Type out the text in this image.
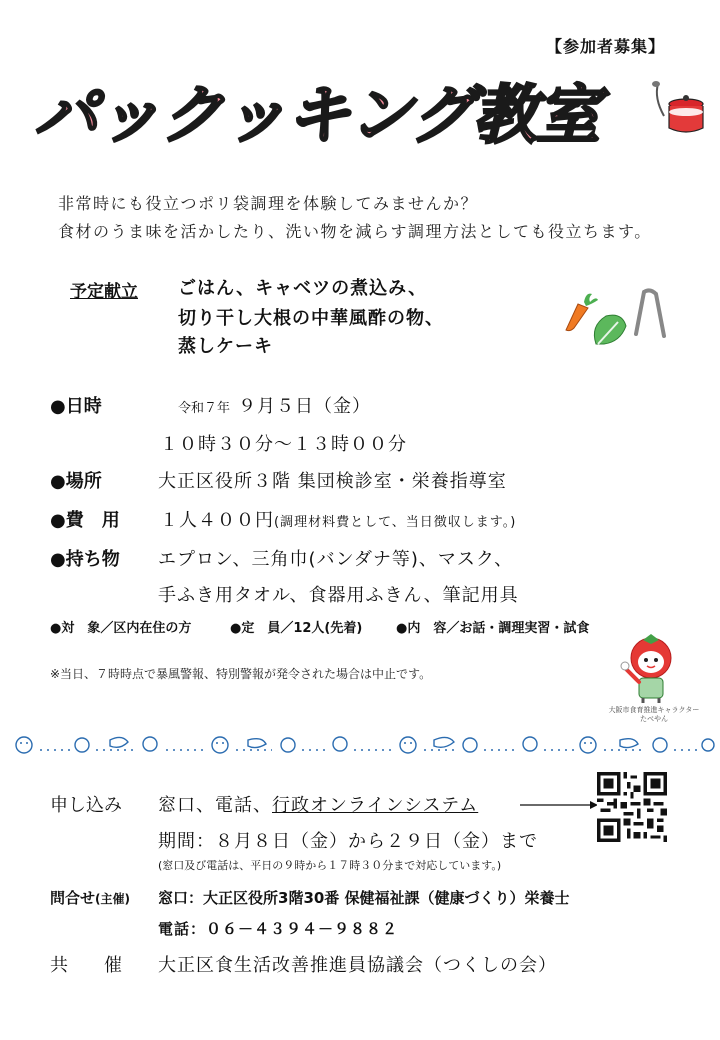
【参加者募集】
パックッキング教室
非常時にも役立つポリ袋調理を体験してみませんか？
食材のうま味を活かしたり、洗い物を減らす調理方法としても役立ちます。
予定献立 ごはん、キャベツの煮込み、
切り干し大根の中華風酢の物、
蒸しケーキ
●日時	令和７年 ９月５日（金）
１０時３０分～１３時００分
●場所	大正区役所３階 集団検診室・栄養指導室
●費　用 １人４００円(調理材料費として、当日徴収します。)
●持ち物 エプロン、三角巾(バンダナ等)、マスク、
手ふき用タオル、食器用ふきん、筆記用具
●対　象／区内在住の方	●定　員／12人(先着)	●内　容／お話・調理実習・試食
※当日、７時時点で暴風警報、特別警報が発令された場合は中止です。
大阪市食育推進キャラクター たべやん
申し込み 窓口、電話、行政オンラインシステム
期間：８月８日（金）から２９日（金）まで
(窓口及び電話は、平日の９時から１７時３０分まで対応しています。)
問合せ(主催) 窓口：大正区役所3階30番 保健福祉課（健康づくり）栄養士
電話：０６－４３９４－９８８２
共　　催 大正区食生活改善推進員協議会（つくしの会）
